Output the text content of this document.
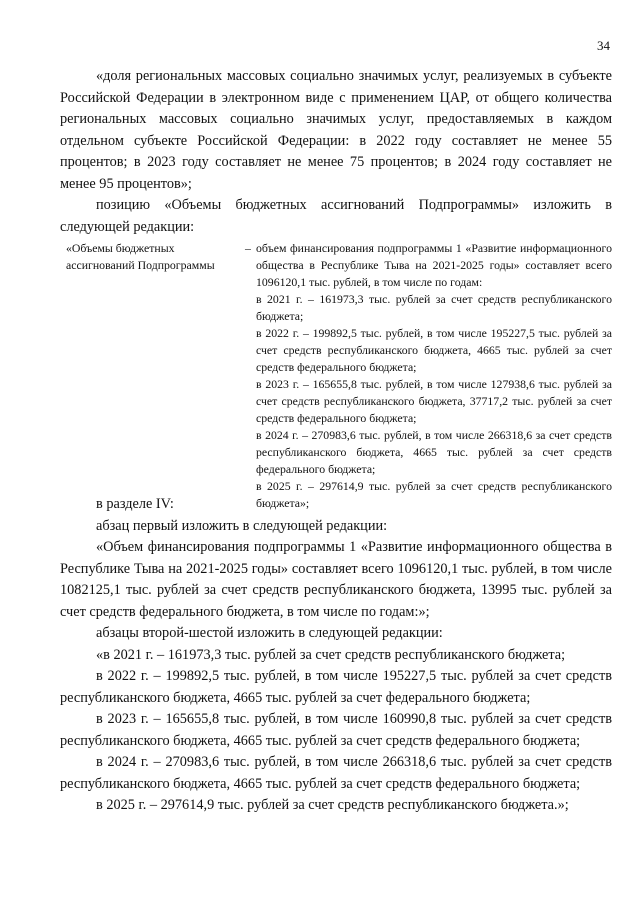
34

«доля региональных массовых социально значимых услуг, реализуемых в субъекте Российской Федерации в электронном виде с применением ЦАР, от общего количества региональных массовых социально значимых услуг, предоставляемых в каждом отдельном субъекте Российской Федерации: в 2022 году составляет не менее 55 процентов; в 2023 году составляет не менее 75 процентов; в 2024 году составляет не менее 95 процентов»;

позицию «Объемы бюджетных ассигнований Подпрограммы» изложить в следующей редакции:

«Объемы бюджетных ассигнований Подпрограммы
– объем финансирования подпрограммы 1 «Развитие информационного общества в Республике Тыва на 2021-2025 годы» составляет всего 1096120,1 тыс. рублей, в том числе по годам:

в 2021 г. – 161973,3 тыс. рублей за счет средств республиканского бюджета;

в 2022 г. – 199892,5 тыс. рублей, в том числе 195227,5 тыс. рублей за счет средств республиканского бюджета, 4665 тыс. рублей за счет средств федерального бюджета;

в 2023 г. – 165655,8 тыс. рублей, в том числе 127938,6 тыс. рублей за счет средств республиканского бюджета, 37717,2 тыс. рублей за счет средств федерального бюджета;

в 2024 г. – 270983,6 тыс. рублей, в том числе 266318,6 за счет средств республиканского бюджета, 4665 тыс. рублей за счет средств федерального бюджета;

в 2025 г. – 297614,9 тыс. рублей за счет средств республиканского бюджета»;

в разделе IV:

абзац первый изложить в следующей редакции:

«Объем финансирования подпрограммы 1 «Развитие информационного общества в Республике Тыва на 2021-2025 годы» составляет всего 1096120,1 тыс. рублей, в том числе 1082125,1 тыс. рублей за счет средств республиканского бюджета, 13995 тыс. рублей за счет средств федерального бюджета, в том числе по годам:»;

абзацы второй-шестой изложить в следующей редакции:

«в 2021 г. – 161973,3 тыс. рублей за счет средств республиканского бюджета;

в 2022 г. – 199892,5 тыс. рублей, в том числе 195227,5 тыс. рублей за счет средств республиканского бюджета, 4665 тыс. рублей за счет федерального бюджета;

в 2023 г. – 165655,8 тыс. рублей, в том числе 160990,8 тыс. рублей за счет средств республиканского бюджета, 4665 тыс. рублей за счет средств федерального бюджета;

в 2024 г. – 270983,6 тыс. рублей, в том числе 266318,6 тыс. рублей за счет средств республиканского бюджета, 4665 тыс. рублей за счет средств федерального бюджета;

в 2025 г. – 297614,9 тыс. рублей за счет средств республиканского бюджета.»;
